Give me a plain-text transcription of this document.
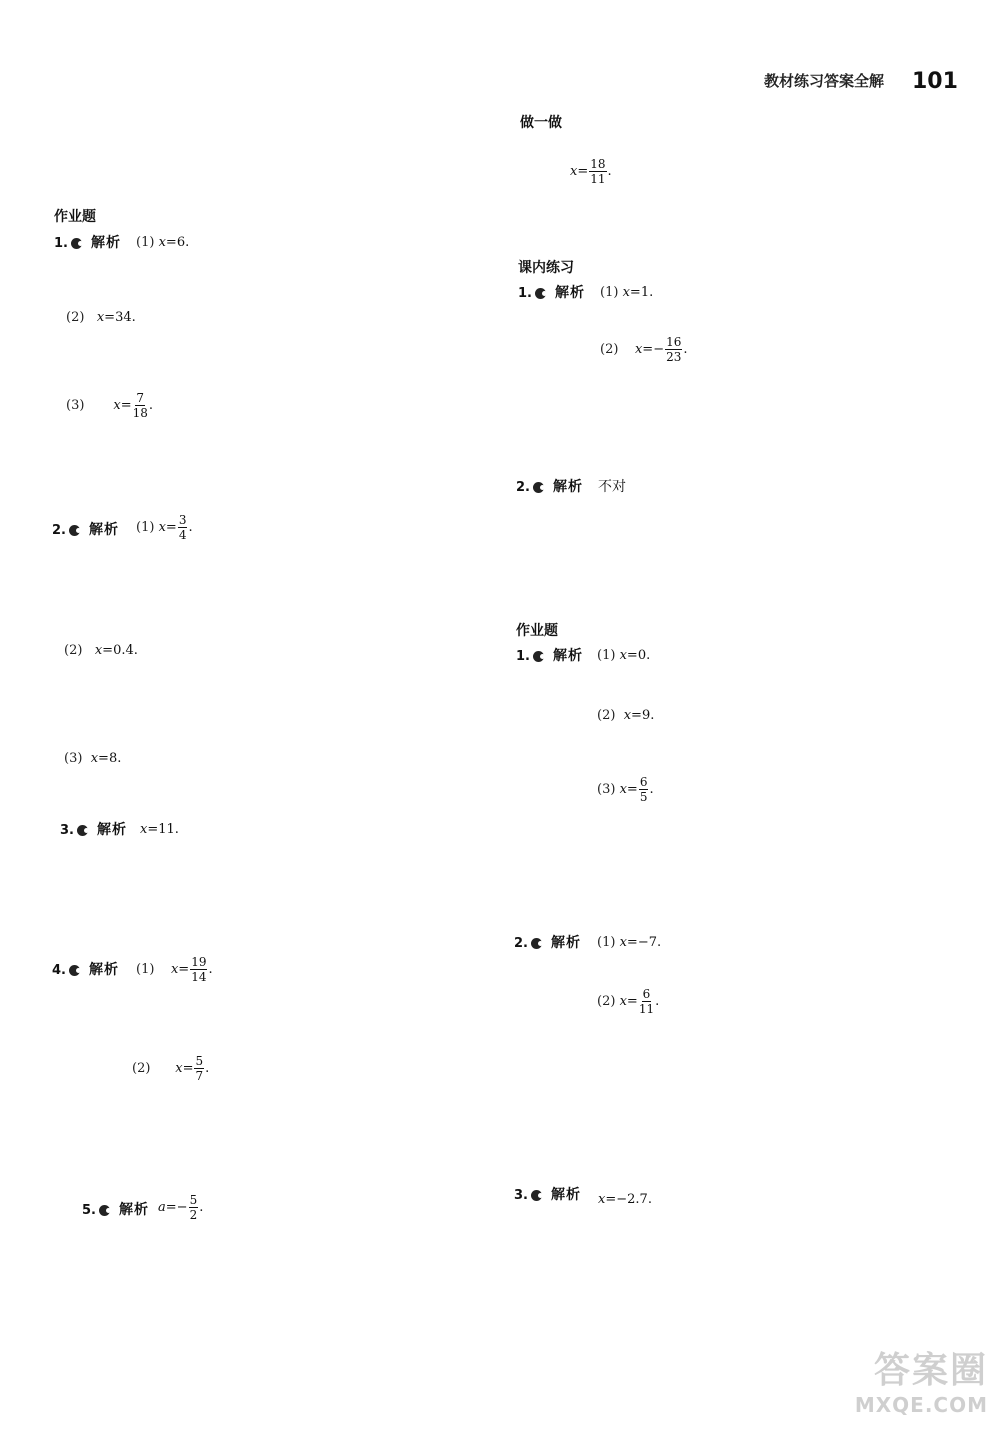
教材练习答案全解 101
作业题
1. 解析 (1)
x = 6.
(2)
x = 34.
(3)
$x = \frac{7}{18}$ .
2. 解析 (1)
$x = \frac{3}{4}$ .
(2)
x = 0.4.
(3)
x = 8.
3. 解析 x = 11.
4. 解析 (1)
$x = \frac{19}{14}$ .
(2)
$x = \frac{5}{7}$ .
5. 解析 $a =- \frac{5}{2}$ .
做一做
$x = \frac{18}{11}$ .
课内练习
1. 解析 (1)
x = 1.
(2)
$x =- \frac{16}{23}$ .
2. 解析 不对
作业题
1. 解析 (1)
x = 0.
(2)
x = 9.
(3)
$x = \frac{6}{5}$ .
2. 解析 (1)
x = −7.
(2)
$x = \frac{6}{11}$ .
3. 解析 x = −2.7.
答案圈
MXQE.COM
